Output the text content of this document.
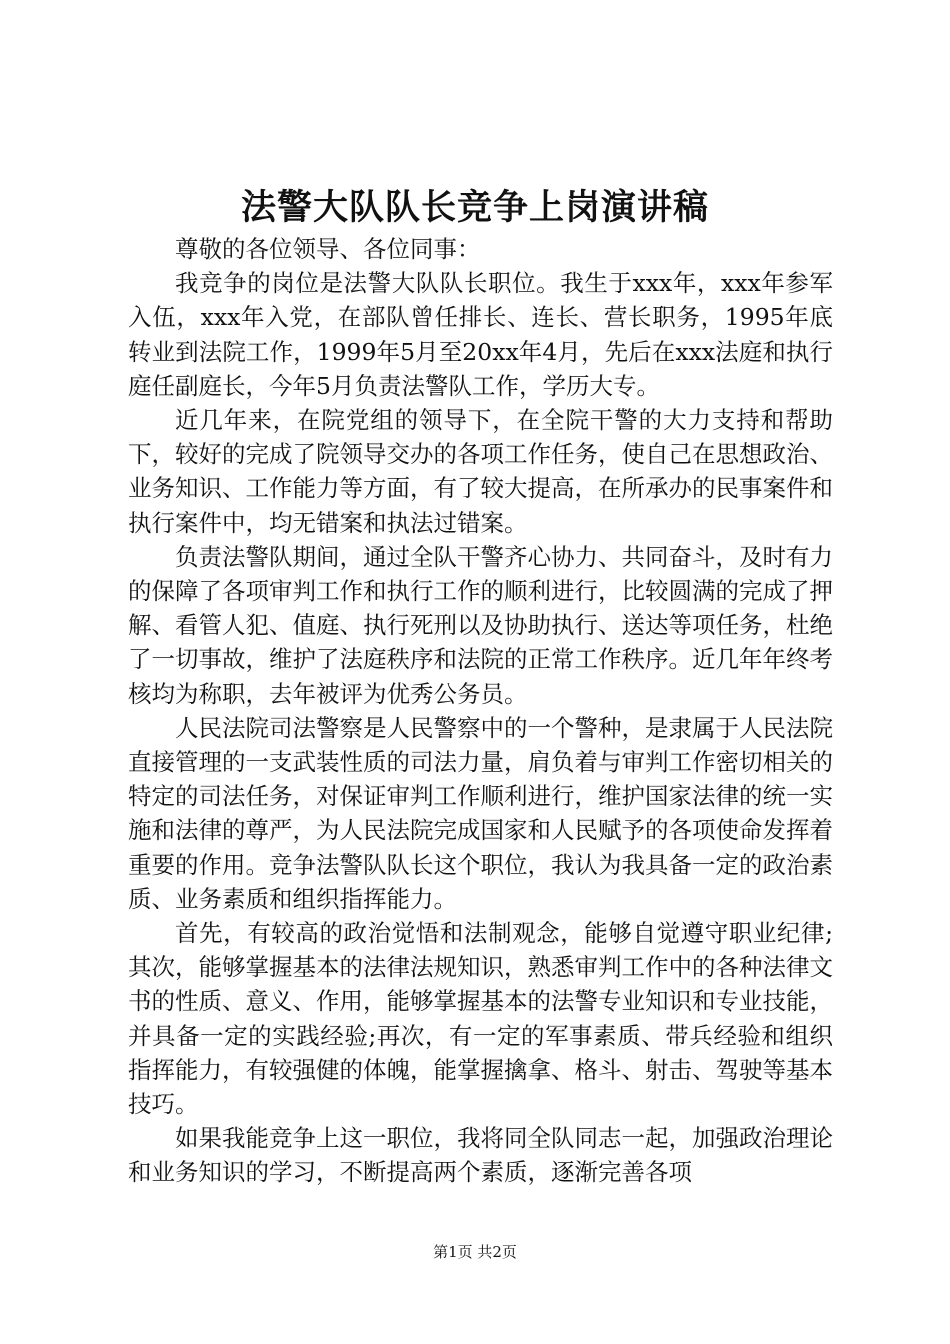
法警大队队长竞争上岗演讲稿

尊敬的各位领导、各位同事：

我竞争的岗位是法警大队队长职位。我生于xxx年，xxx年参军入伍，xxx年入党，在部队曾任排长、连长、营长职务，1995年底转业到法院工作，1999年5月至20xx年4月，先后在xxx法庭和执行庭任副庭长，今年5月负责法警队工作，学历大专。

近几年来，在院党组的领导下，在全院干警的大力支持和帮助下，较好的完成了院领导交办的各项工作任务，使自己在思想政治、业务知识、工作能力等方面，有了较大提高，在所承办的民事案件和执行案件中，均无错案和执法过错案。

负责法警队期间，通过全队干警齐心协力、共同奋斗，及时有力的保障了各项审判工作和执行工作的顺利进行，比较圆满的完成了押解、看管人犯、值庭、执行死刑以及协助执行、送达等项任务，杜绝了一切事故，维护了法庭秩序和法院的正常工作秩序。近几年年终考核均为称职，去年被评为优秀公务员。

人民法院司法警察是人民警察中的一个警种，是隶属于人民法院直接管理的一支武装性质的司法力量，肩负着与审判工作密切相关的特定的司法任务，对保证审判工作顺利进行，维护国家法律的统一实施和法律的尊严，为人民法院完成国家和人民赋予的各项使命发挥着重要的作用。竞争法警队队长这个职位，我认为我具备一定的政治素质、业务素质和组织指挥能力。

首先，有较高的政治觉悟和法制观念，能够自觉遵守职业纪律;其次，能够掌握基本的法律法规知识，熟悉审判工作中的各种法律文书的性质、意义、作用，能够掌握基本的法警专业知识和专业技能，并具备一定的实践经验;再次，有一定的军事素质、带兵经验和组织指挥能力，有较强健的体魄，能掌握擒拿、格斗、射击、驾驶等基本技巧。

如果我能竞争上这一职位，我将同全队同志一起，加强政治理论和业务知识的学习，不断提高两个素质，逐渐完善各项

第1页 共2页
